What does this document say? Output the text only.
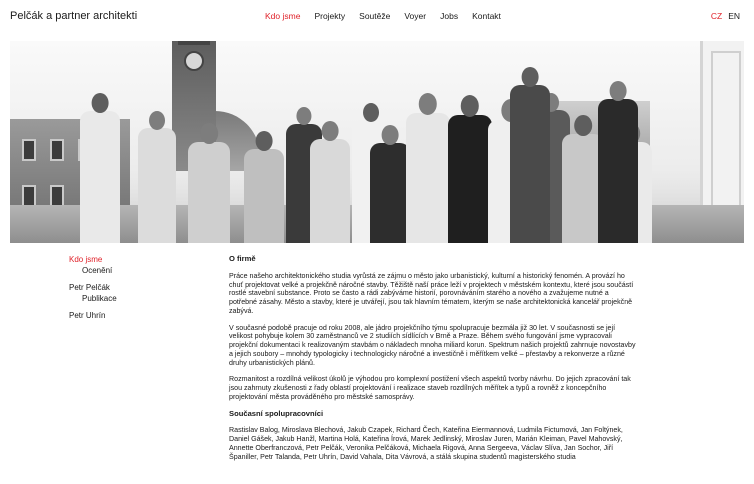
Pelčák a partner architekti	Kdo jsme Projekty Soutěže Voyer Jobs Kontakt	CZ EN
Kdo jsme
Ocenění
Petr Pelčák
Publikace
Petr Uhrín
O firmě

Práce našeho architektonického studia vyrůstá ze zájmu o město jako urbanistický, kulturní a historický fenomén. A provází ho chuť projektovat velké a projekčně náročné stavby. Těžiště naší práce leží v projektech v městském kontextu, které jsou součástí rostlé stavební substance. Proto se často a rádi zabýváme historií, porovnáváním starého a nového a zvažujeme nutné a potřebné zásahy. Město a stavby, které je utvářejí, jsou tak hlavním tématem, kterým se naše architektonická kancelář projekčně zabývá.

V současné podobě pracuje od roku 2008, ale jádro projekčního týmu spolupracuje bezmála již 30 let. V současnosti se její velikost pohybuje kolem 30 zaměstnanců ve 2 studiích sídlících v Brně a Praze. Během svého fungování jsme vypracovali projekční dokumentaci k realizovaným stavbám o nákladech mnoha miliard korun. Spektrum našich projektů zahrnuje novostavby a jejich soubory – mnohdy typologicky i technologicky náročné a investičně i měřítkem velké – přestavby a rekonverze a různé druhy urbanistických plánů.

Rozmanitost a rozdílná velikost úkolů je výhodou pro komplexní postižení všech aspektů tvorby návrhu. Do jejich zpracování tak jsou zahrnuty zkušenosti z řady oblastí projektování i realizace staveb rozdílných měřítek a typů a rovněž z koncepčního projektování města prováděného pro městské samosprávy.

Současní spolupracovníci

Rastislav Balog, Miroslava Blechová, Jakub Czapek, Richard Čech, Kateřina Eiermannová, Ludmila Fictumová, Jan Foltýnek, Daniel Gášek, Jakub Hanžl, Martina Holá, Kateřina Írová, Marek Jedlinský, Miroslav Juren, Marián Kleiman, Pavel Mahovský, Annette Oberfranczová, Petr Pelčák, Veronika Pelčáková, Michaela Rigová, Anna Sergeeva, Václav Slíva, Jan Sochor, Jiří Španiller, Petr Talanda, Petr Uhrín, David Vahala, Dita Vávrová, a stálá skupina studentů magisterského studia
